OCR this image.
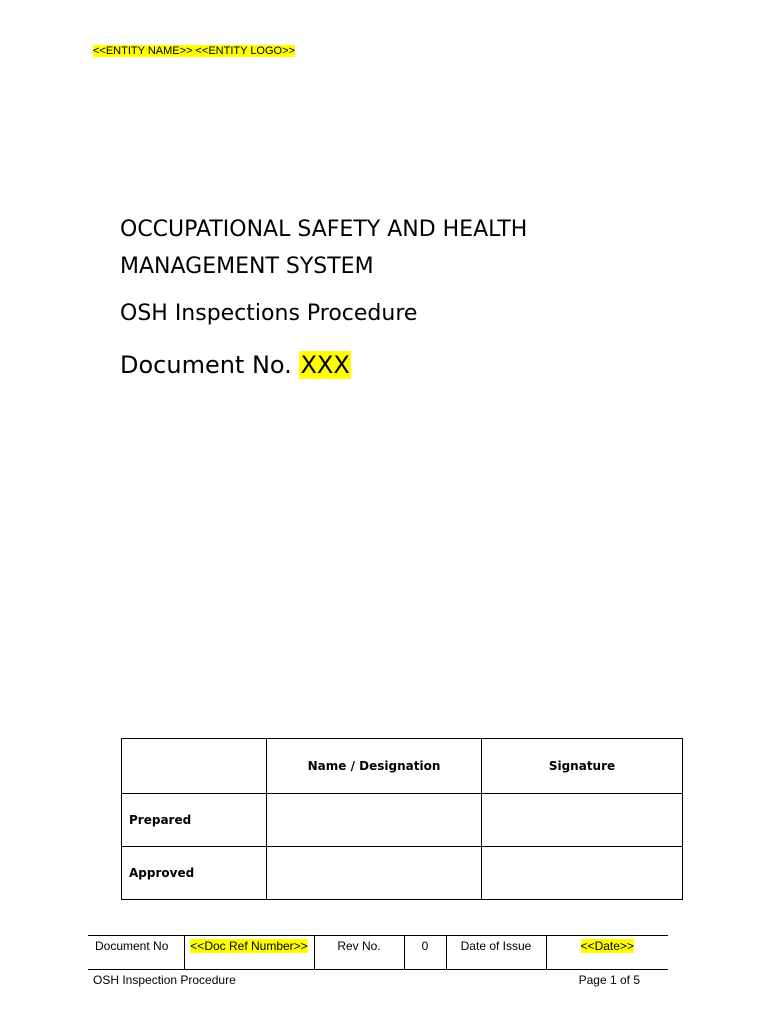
<<ENTITY NAME>> <<ENTITY LOGO>>
OCCUPATIONAL SAFETY AND HEALTH
MANAGEMENT SYSTEM
OSH Inspections Procedure
Document No. XXX
	Name / Designation	Signature
Prepared		
Approved		
Document No	<<Doc Ref Number>>	Rev No.	0	Date of Issue	<<Date>>
OSH Inspection Procedure	Page 1 of 5
